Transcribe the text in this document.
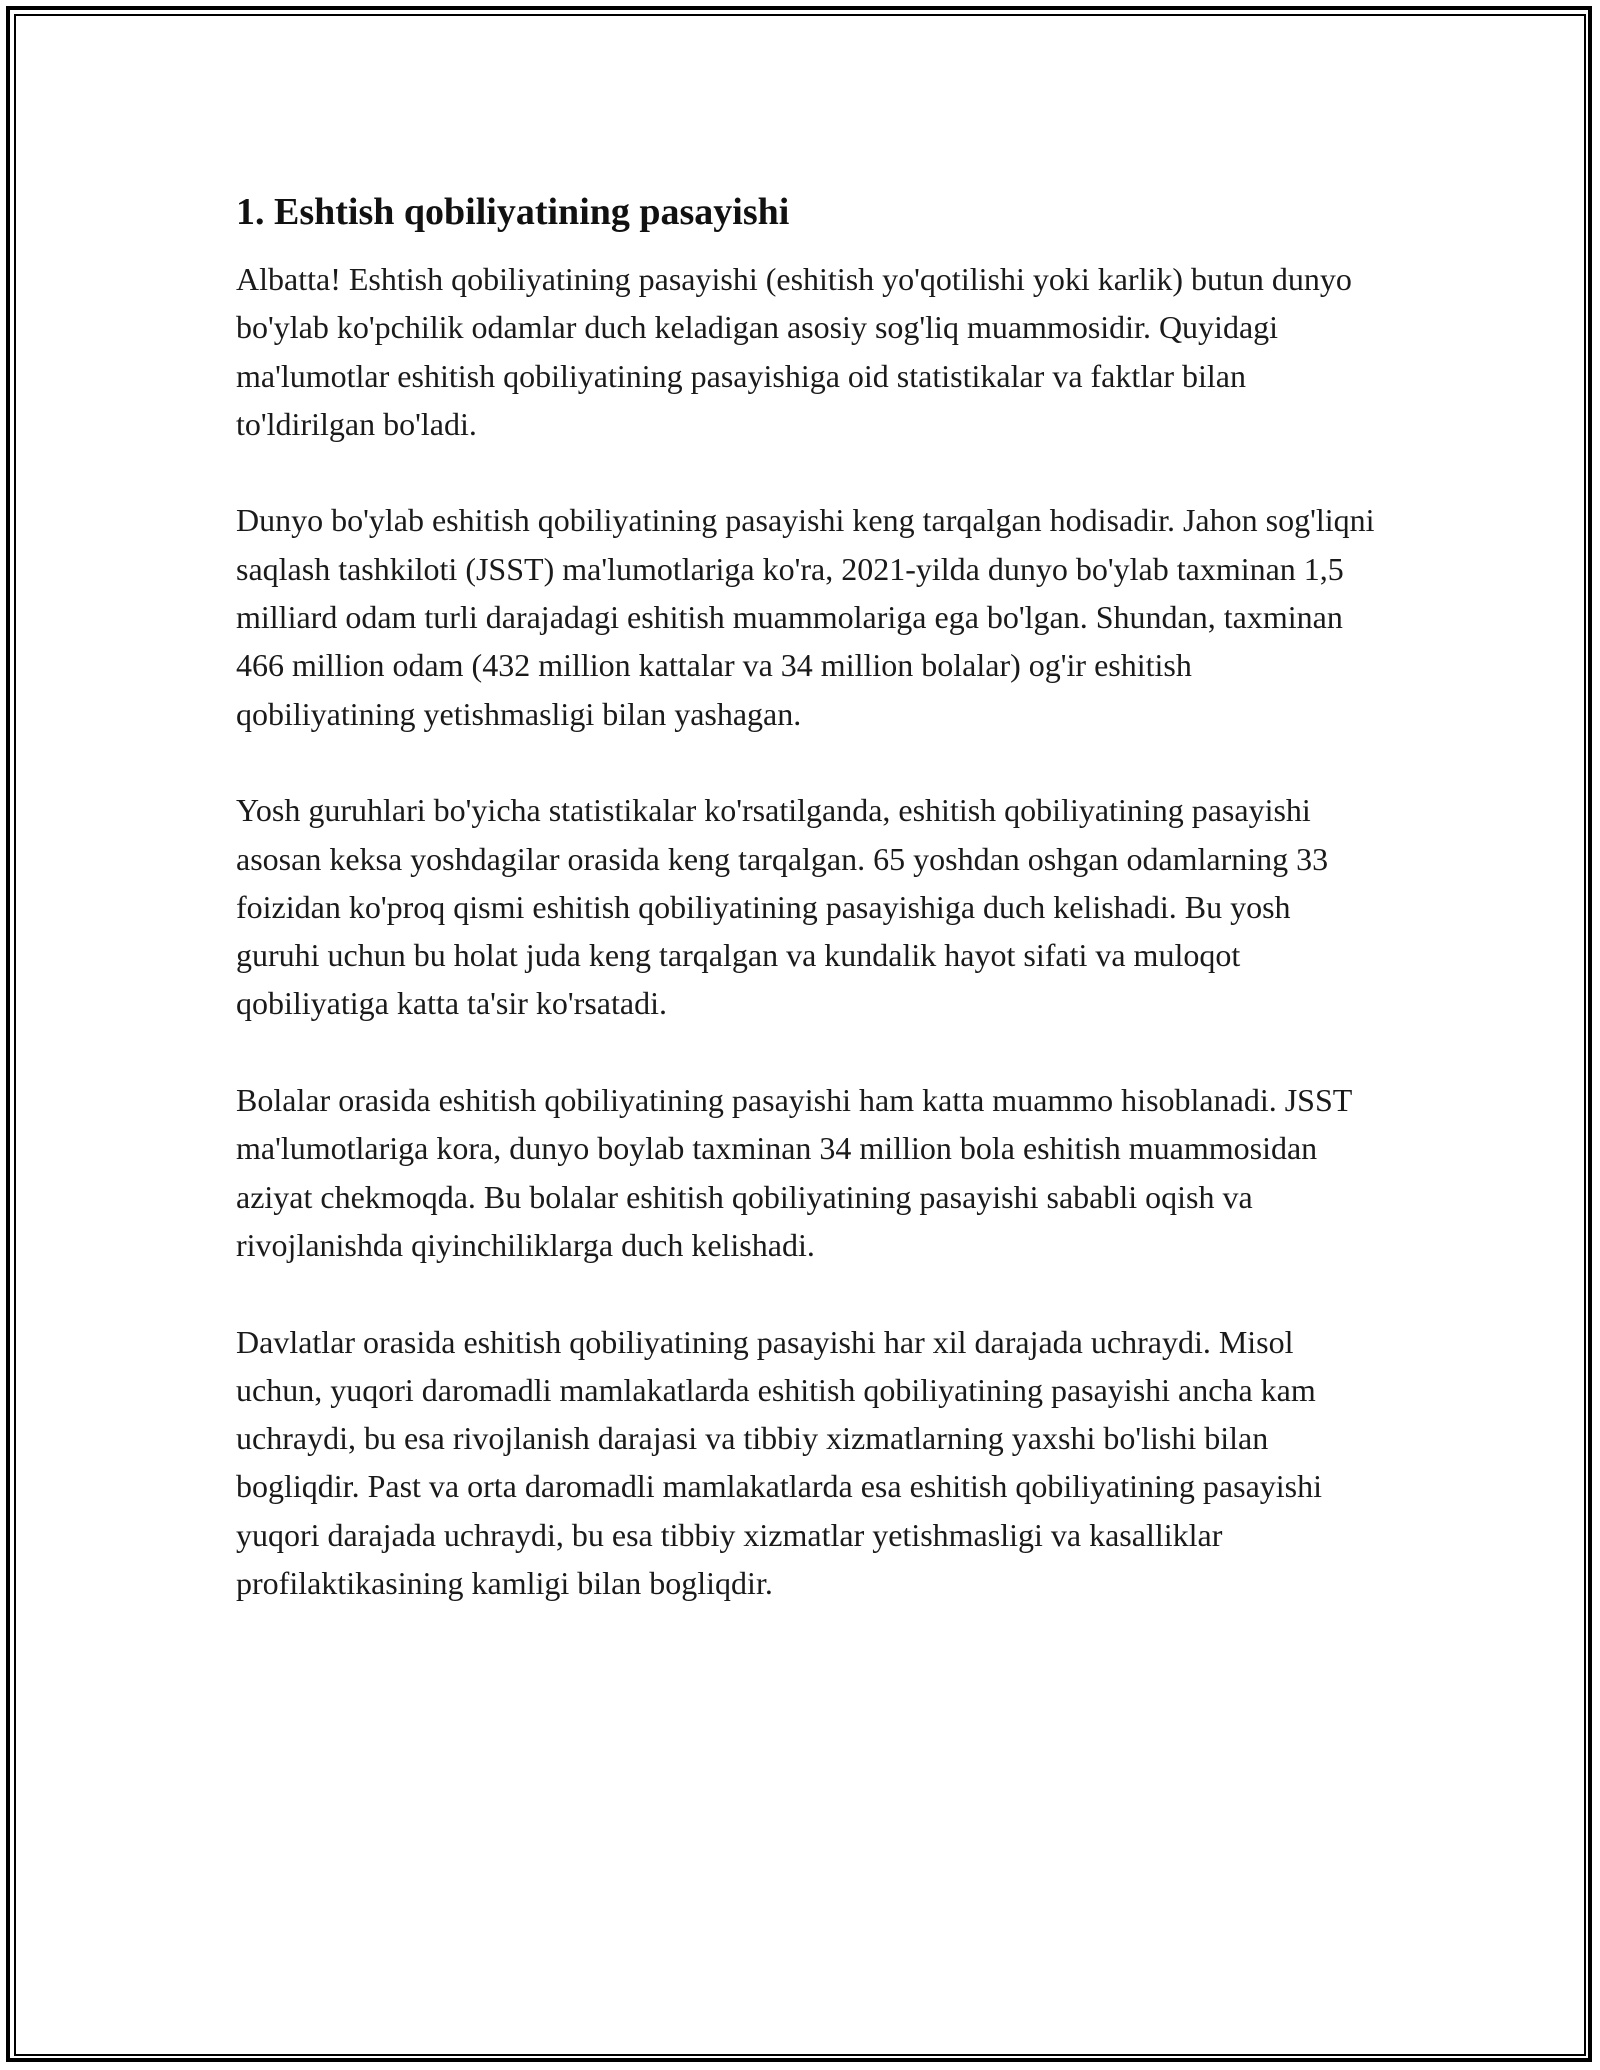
1. Eshtish qobiliyatining pasayishi

Albatta! Eshtish qobiliyatining pasayishi (eshitish yo'qotilishi yoki karlik) butun dunyo bo'ylab ko'pchilik odamlar duch keladigan asosiy sog'liq muammosidir. Quyidagi ma'lumotlar eshitish qobiliyatining pasayishiga oid statistikalar va faktlar bilan to'ldirilgan bo'ladi.

Dunyo bo'ylab eshitish qobiliyatining pasayishi keng tarqalgan hodisadir. Jahon sog'liqni saqlash tashkiloti (JSST) ma'lumotlariga ko'ra, 2021-yilda dunyo bo'ylab taxminan 1,5 milliard odam turli darajadagi eshitish muammolariga ega bo'lgan. Shundan, taxminan 466 million odam (432 million kattalar va 34 million bolalar) og'ir eshitish qobiliyatining yetishmasligi bilan yashagan.

Yosh guruhlari bo'yicha statistikalar ko'rsatilganda, eshitish qobiliyatining pasayishi asosan keksa yoshdagilar orasida keng tarqalgan. 65 yoshdan oshgan odamlarning 33 foizidan ko'proq qismi eshitish qobiliyatining pasayishiga duch kelishadi. Bu yosh guruhi uchun bu holat juda keng tarqalgan va kundalik hayot sifati va muloqot qobiliyatiga katta ta'sir ko'rsatadi.

Bolalar orasida eshitish qobiliyatining pasayishi ham katta muammo hisoblanadi. JSST ma'lumotlariga kora, dunyo boylab taxminan 34 million bola eshitish muammosidan aziyat chekmoqda. Bu bolalar eshitish qobiliyatining pasayishi sababli oqish va rivojlanishda qiyinchiliklarga duch kelishadi.

Davlatlar orasida eshitish qobiliyatining pasayishi har xil darajada uchraydi. Misol uchun, yuqori daromadli mamlakatlarda eshitish qobiliyatining pasayishi ancha kam uchraydi, bu esa rivojlanish darajasi va tibbiy xizmatlarning yaxshi bo'lishi bilan bogliqdir. Past va orta daromadli mamlakatlarda esa eshitish qobiliyatining pasayishi yuqori darajada uchraydi, bu esa tibbiy xizmatlar yetishmasligi va kasalliklar profilaktikasining kamligi bilan bogliqdir.
